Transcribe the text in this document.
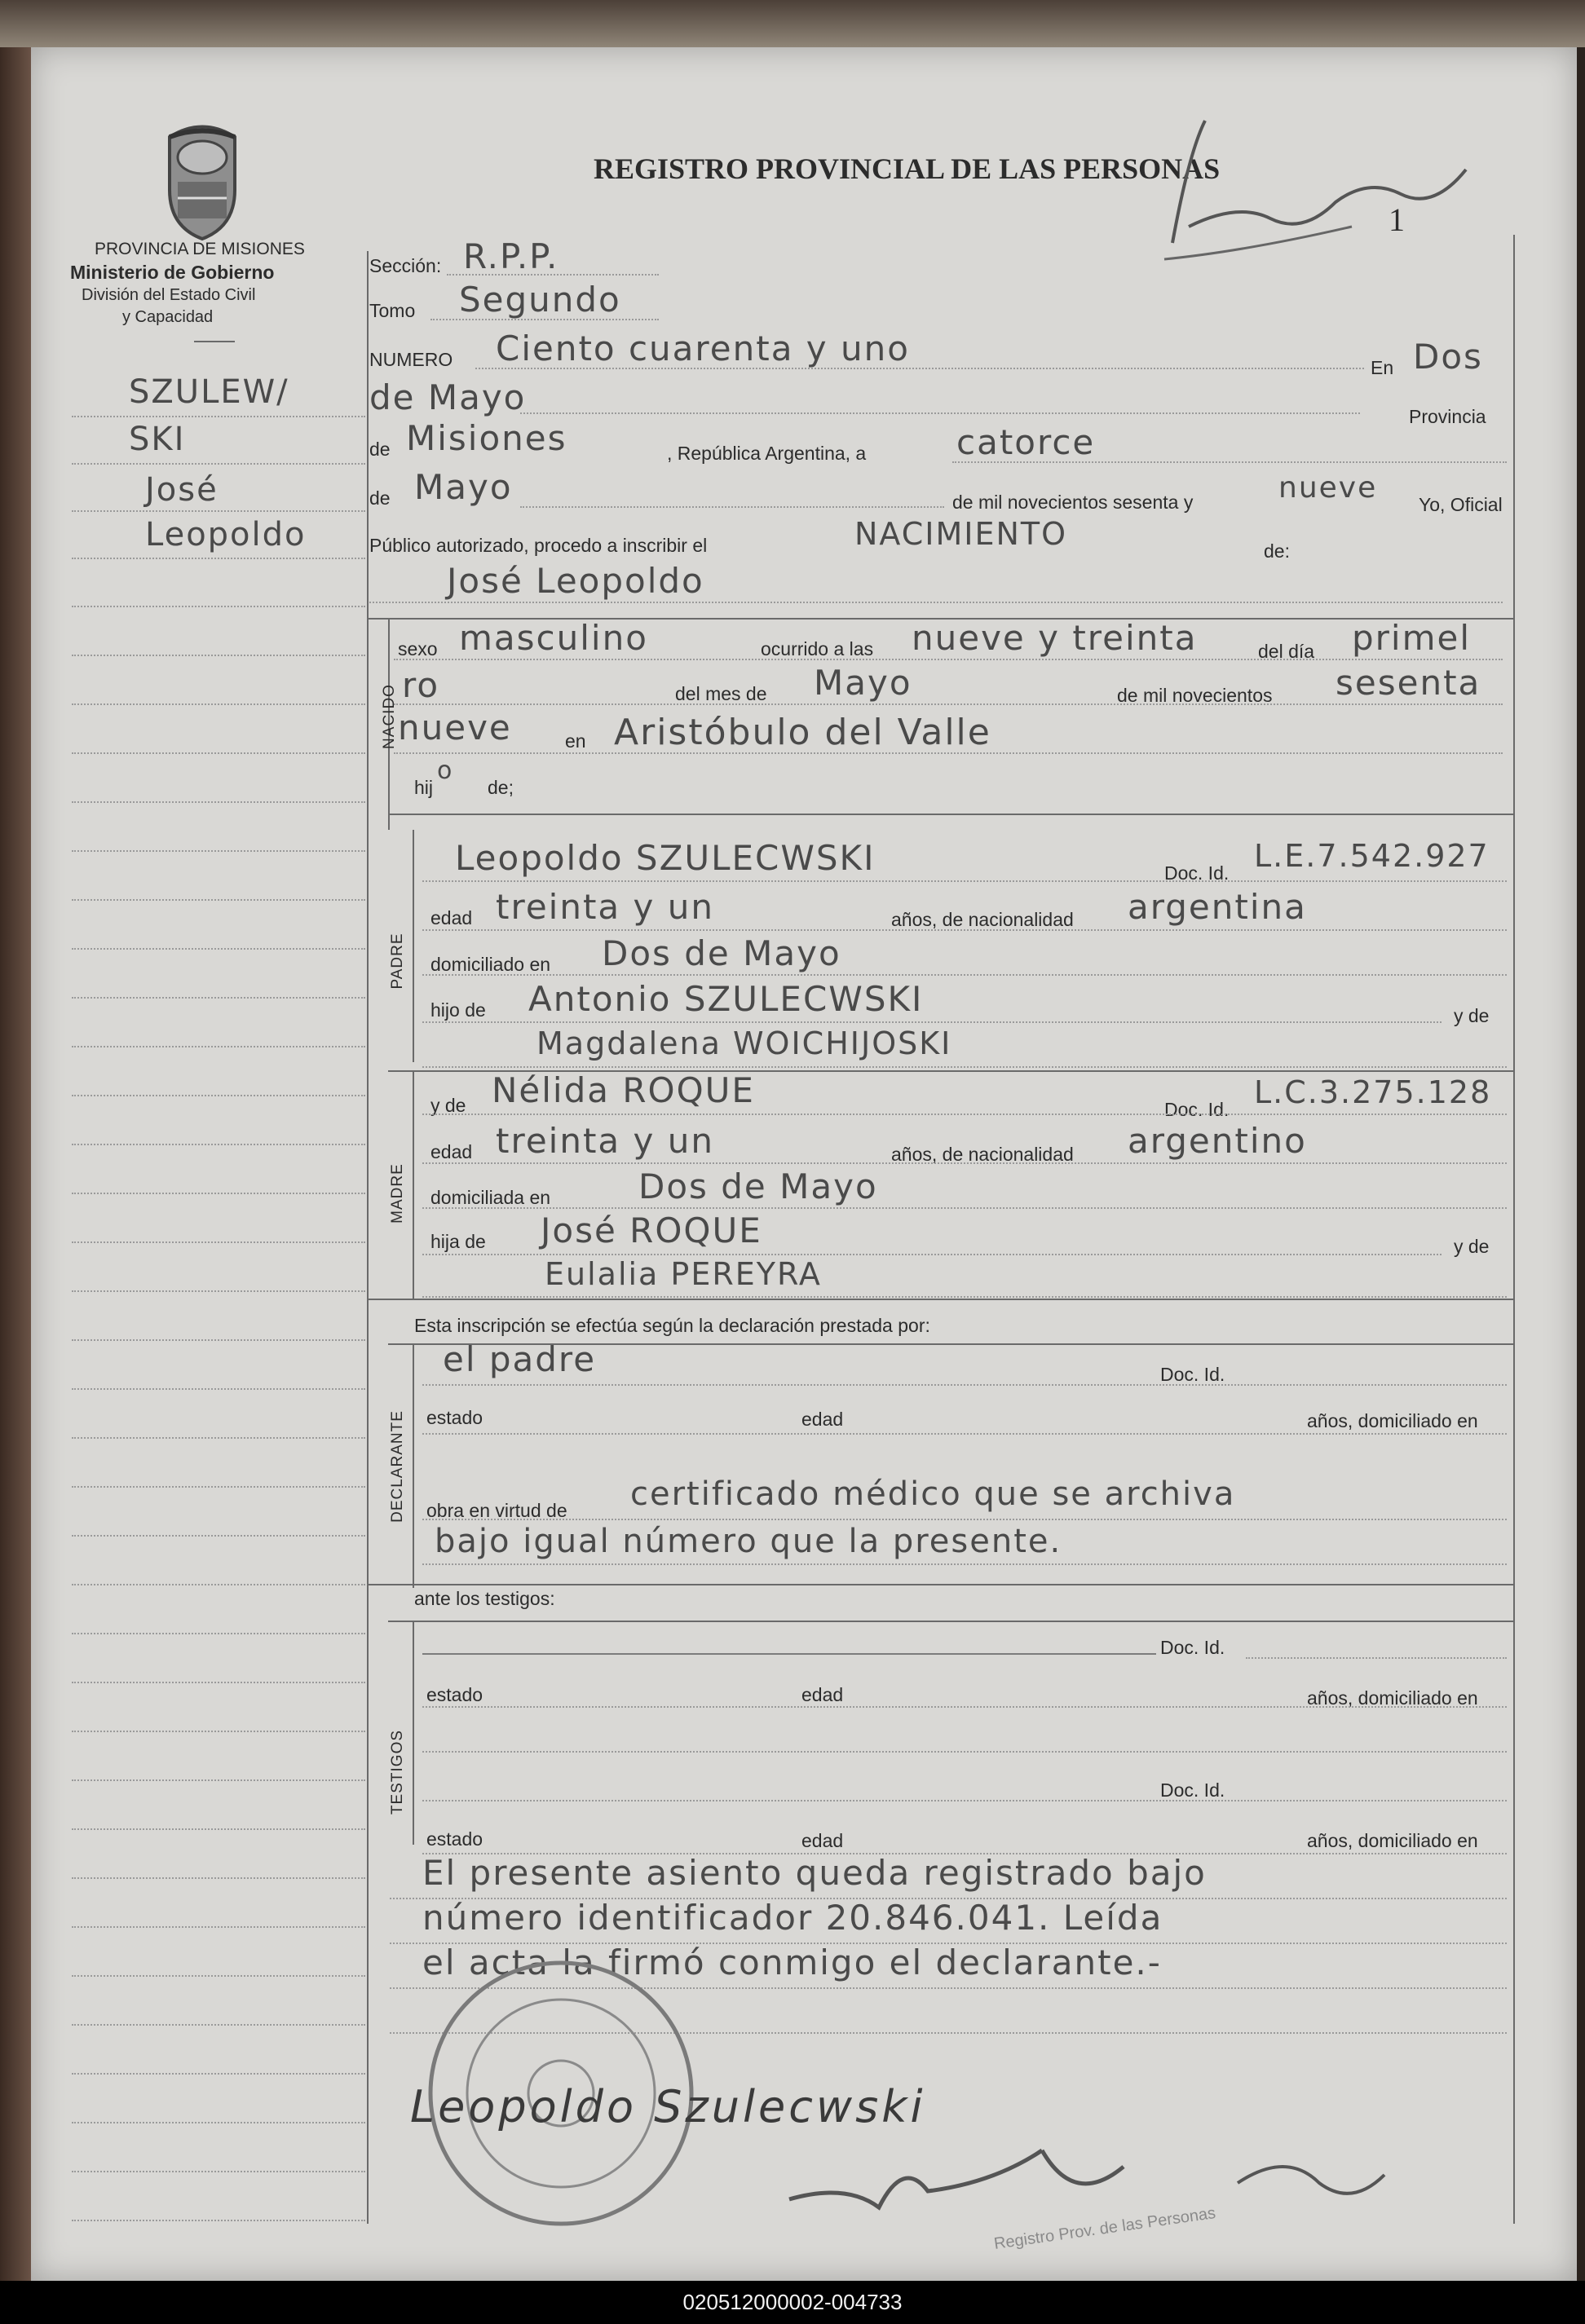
PROVINCIA DE MISIONES
Ministerio de Gobierno
División del Estado Civil
y Capacidad
REGISTRO PROVINCIAL DE LAS PERSONAS
1
SZULEW/
SKI
José
Leopoldo
Sección: R.P.P.
Tomo Segundo
NUMERO Ciento cuarenta y uno	En Dos
de Mayo	Provincia
de Misiones	, República Argentina, a	catorce
de Mayo	de mil novecientos sesenta y	nueve Yo, Oficial
Público autorizado, procedo a inscribir el	NACIMIENTO	de:
José Leopoldo
NACIDO
sexo masculino	ocurrido a las nueve y treinta	del día primel
ro	del mes de Mayo	de mil novecientos sesenta
nueve	en Aristóbulo del Valle
hij
o
de;
PADRE
Leopoldo SZULECWSKI	Doc. Id. L.E.7.542.927
edad treinta y un	años, de nacionalidad argentina
domiciliado en Dos de Mayo
hijo de Antonio SZULECWSKI	y de
Magdalena WOICHIJOSKI
MADRE
y de Nélida ROQUE	Doc. Id. L.C.3.275.128
edad treinta y un	años, de nacionalidad argentino
domiciliada en	Dos de Mayo
hija de José ROQUE	y de
Eulalia PEREYRA
Esta inscripción se efectúa según la declaración prestada por:
DECLARANTE
el padre	Doc. Id.
estado	edad	años, domiciliado en
obra en virtud de certificado médico que se archiva
bajo igual número que la presente.
ante los testigos:
TESTIGOS
Doc. Id.
estado	edad	años, domiciliado en
Doc. Id.
estado	edad	años, domiciliado en
El presente asiento queda registrado bajo
número identificador 20.846.041. Leída
el acta la firmó conmigo el declarante.-
Leopoldo Szulecwski
Registro Prov. de las Personas
020512000002-004733
